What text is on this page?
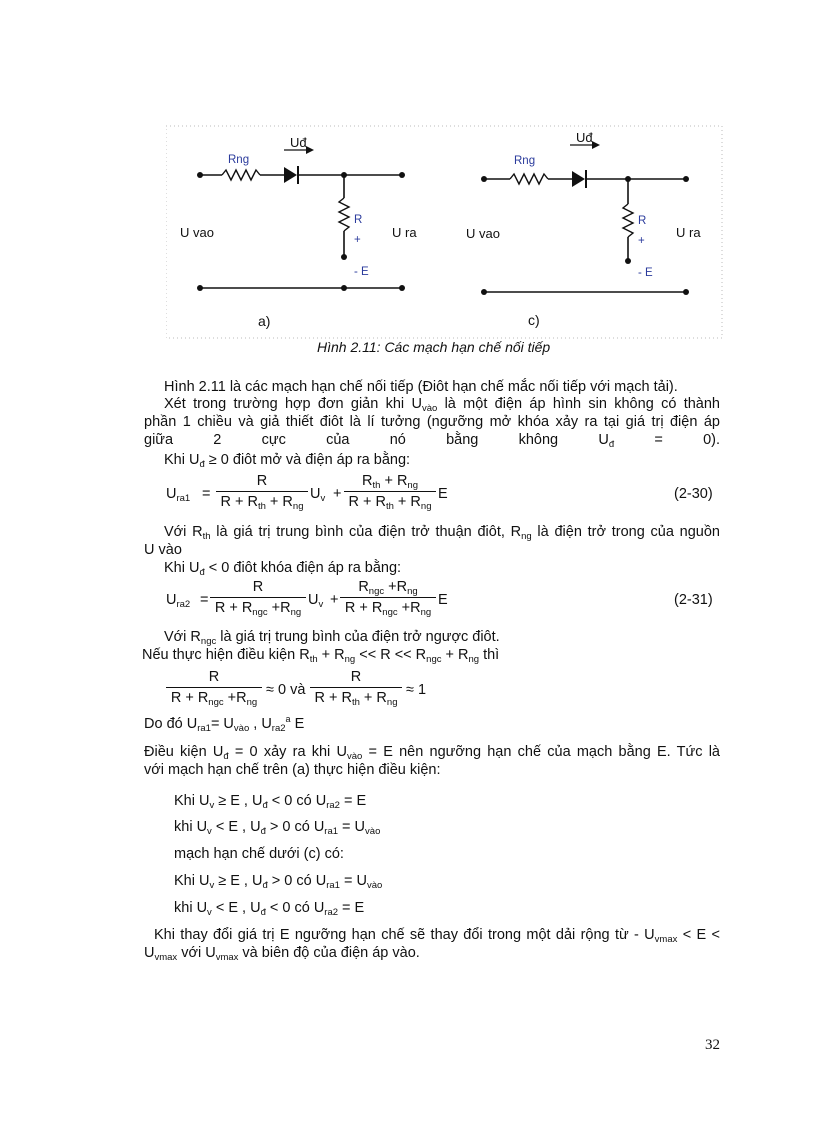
Uđ
Rng
R
+
U vao	U ra
- E
a)
Uđ
Rng
R
+
U vao	U ra
- E
c)
Hình 2.11: Các mạch hạn chế nối tiếp
Hình 2.11 là các mạch hạn chế nối tiếp (Điôt hạn chế mắc nối tiếp với mạch tải).
Xét trong trường hợp đơn giản khi $U_{vào}$ là một điện áp hình sin không có thành
phần 1 chiều và giả thiết điôt là lí tưởng (ngưỡng mở khóa xảy ra tại giá trị điện áp
giữa 2 cực của nó bằng không $U_đ = 0$).
Khi $U_đ \ge 0$ điôt mở và điện áp ra bằng:
$U_{ra1}$ =
R
$R + R_{th} + R_{ng}$
$U_v$ +
$R_{th} + R_{ng}$
$R + R_{th} + R_{ng}$
E	(2-30)
Với $R_{th}$ là giá trị trung bình của điện trở thuận điôt, $R_{ng}$ là điện trở trong của nguồn
U vào
Khi $U_đ < 0$ điôt khóa điện áp ra bằng:
$U_{ra2}$ =
R
$R + R_{ngc} +R_{ng}$
$U_v$ +
$R_{ngc} +R_{ng}$
$R + R_{ngc} +R_{ng}$
E	(2-31)
Với $R_{ngc}$ là giá trị trung bình của điện trở ngược điôt.
Nếu thực hiện điều kiện $R_{th} + R_{ng} << R << R_{ngc} + R_{ng}$ thì
R
$R + R_{ngc} +R_{ng}$
≈ 0 và
R
$R + R_{th} + R_{ng}$
≈ 1
Do đó $U_{ra1}= U_{vào}$ , $U_{ra2}^a$ E
Điều kiện $U_đ = 0$ xảy ra khi $U_{vào} = E$ nên ngưỡng hạn chế của mạch bằng E. Tức là
với mạch hạn chế trên (a) thực hiện điều kiện:
Khi $U_v \ge E$ , $U_đ < 0$ có $U_{ra2} = E$
khi $U_v < E$ , $U_đ > 0$ có $U_{ra1} = U_{vào}$
mạch hạn chế dưới (c) có:
Khi $U_v \ge E$ , $U_đ > 0$ có $U_{ra1} = U_{vào}$
khi $U_v < E$ , $U_đ < 0$ có $U_{ra2} = E$
Khi thay đổi giá trị E ngưỡng hạn chế sẽ thay đổi trong một dải rộng từ - $U_{vmax} < E$ <
$U_{vmax}$ với $U_{vmax}$ và biên độ của điện áp vào.
32
